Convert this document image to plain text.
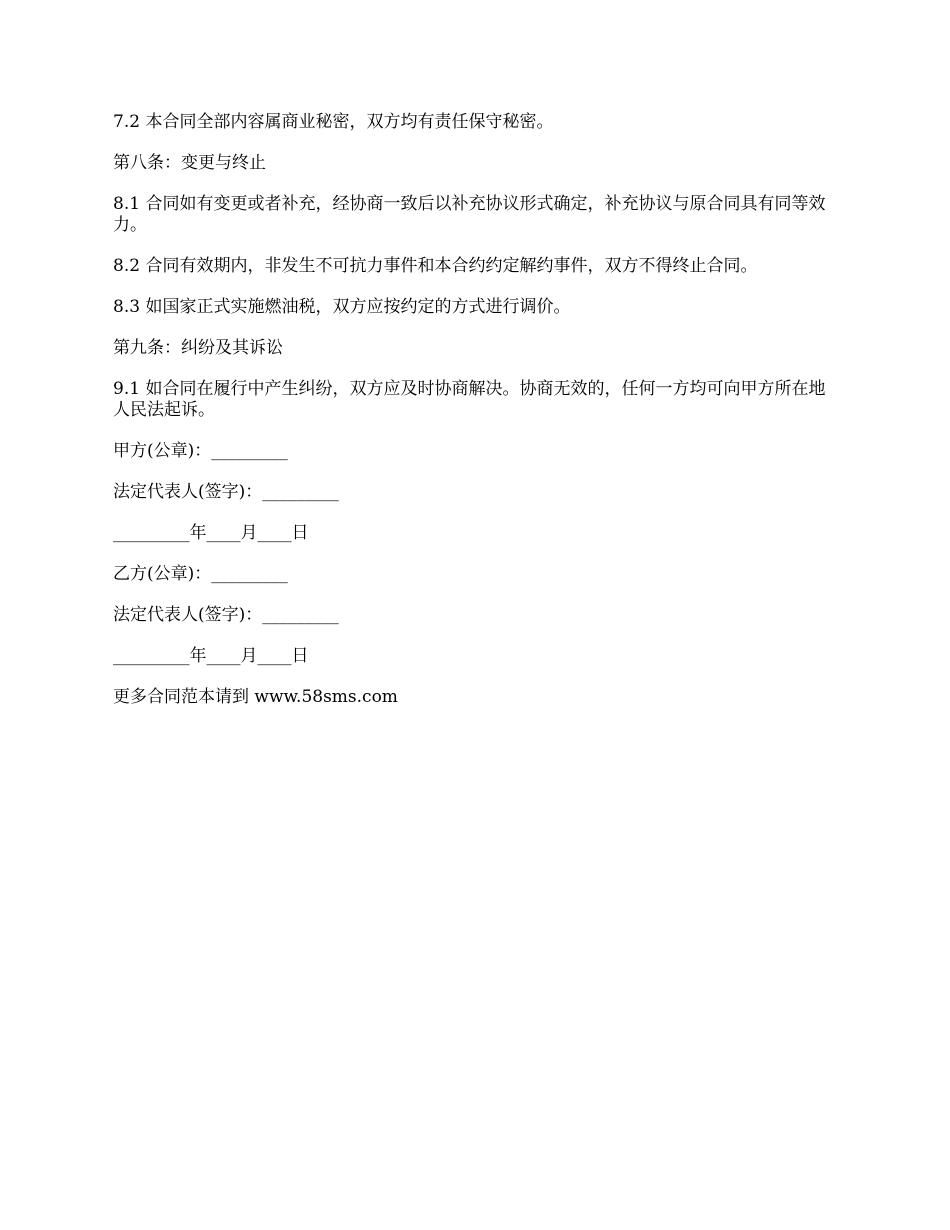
7.2 本合同全部内容属商业秘密，双方均有责任保守秘密。

第八条：变更与终止

8.1 合同如有变更或者补充，经协商一致后以补充协议形式确定，补充协议与原合同具有同等效力。

8.2 合同有效期内，非发生不可抗力事件和本合约约定解约事件，双方不得终止合同。

8.3 如国家正式实施燃油税，双方应按约定的方式进行调价。

第九条：纠纷及其诉讼

9.1 如合同在履行中产生纠纷，双方应及时协商解决。协商无效的，任何一方均可向甲方所在地人民法起诉。

甲方(公章)：_________

法定代表人(签字)：_________

_________年____月____日

乙方(公章)：_________

法定代表人(签字)：_________

_________年____月____日

更多合同范本请到 www.58sms.com
